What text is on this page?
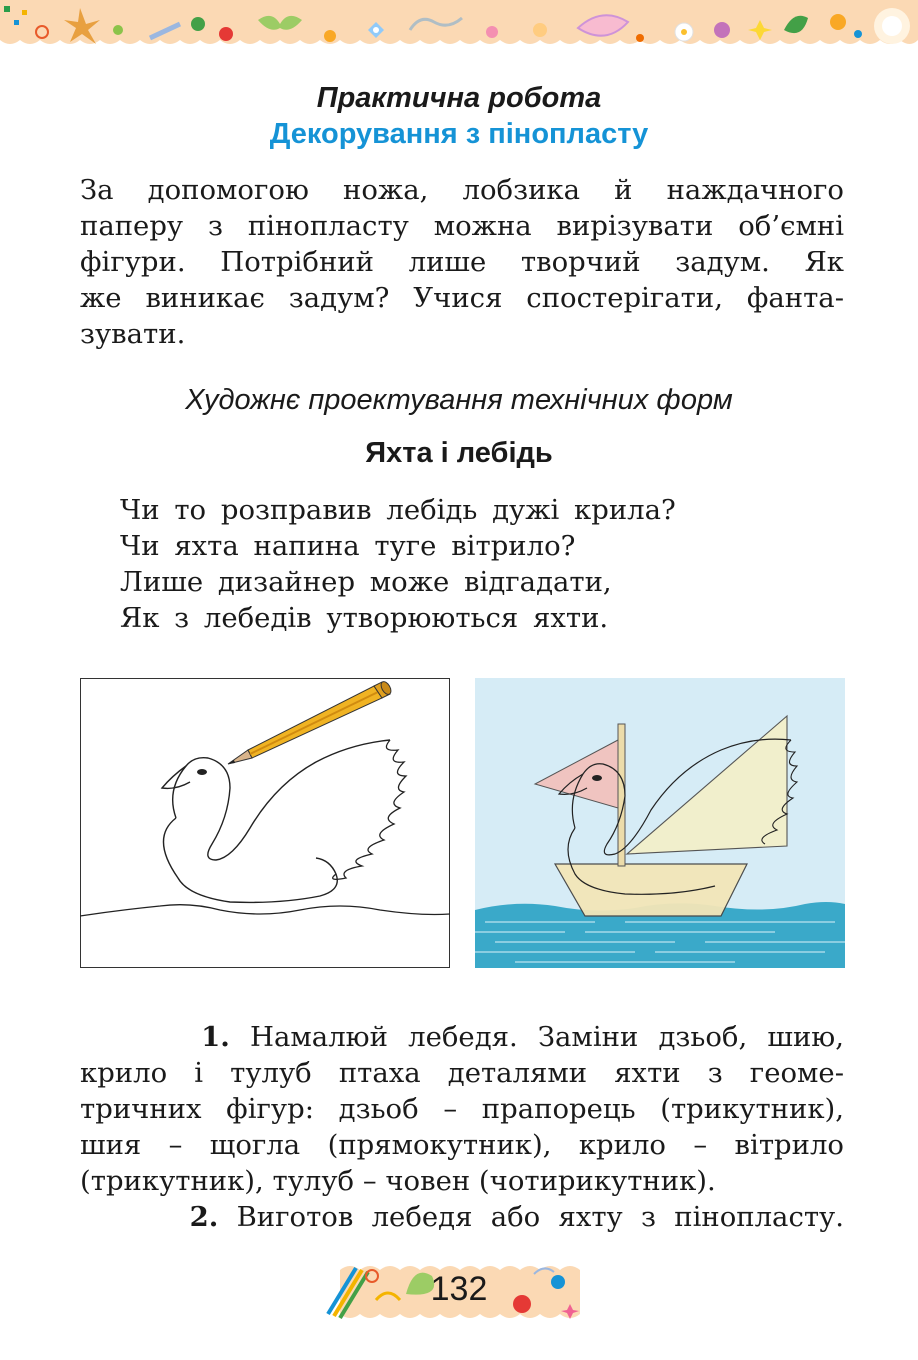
Практична робота
Декорування з пінопласту
За допомогою ножа, лобзика й наждачного
паперу з пінопласту можна вирізувати об’ємні
фігури. Потрібний лише творчий задум. Як
же виникає задум? Учися спостерігати, фанта-
зувати.
Художнє проектування технічних форм
Яхта і лебідь
Чи то розправив лебідь дужі крила?
Чи яхта напина туге вітрило?
Лише дизайнер може відгадати,
Як з лебедів утворюються яхти.
1. Намалюй лебедя. Заміни дзьоб, шию,
крило і тулуб птаха деталями яхти з геоме-
тричних фігур: дзьоб – прапорець (трикутник),
шия – щогла (прямокутник), крило – вітрило
(трикутник), тулуб – човен (чотирикутник).
2. Виготов лебедя або яхту з пінопласту.
132
